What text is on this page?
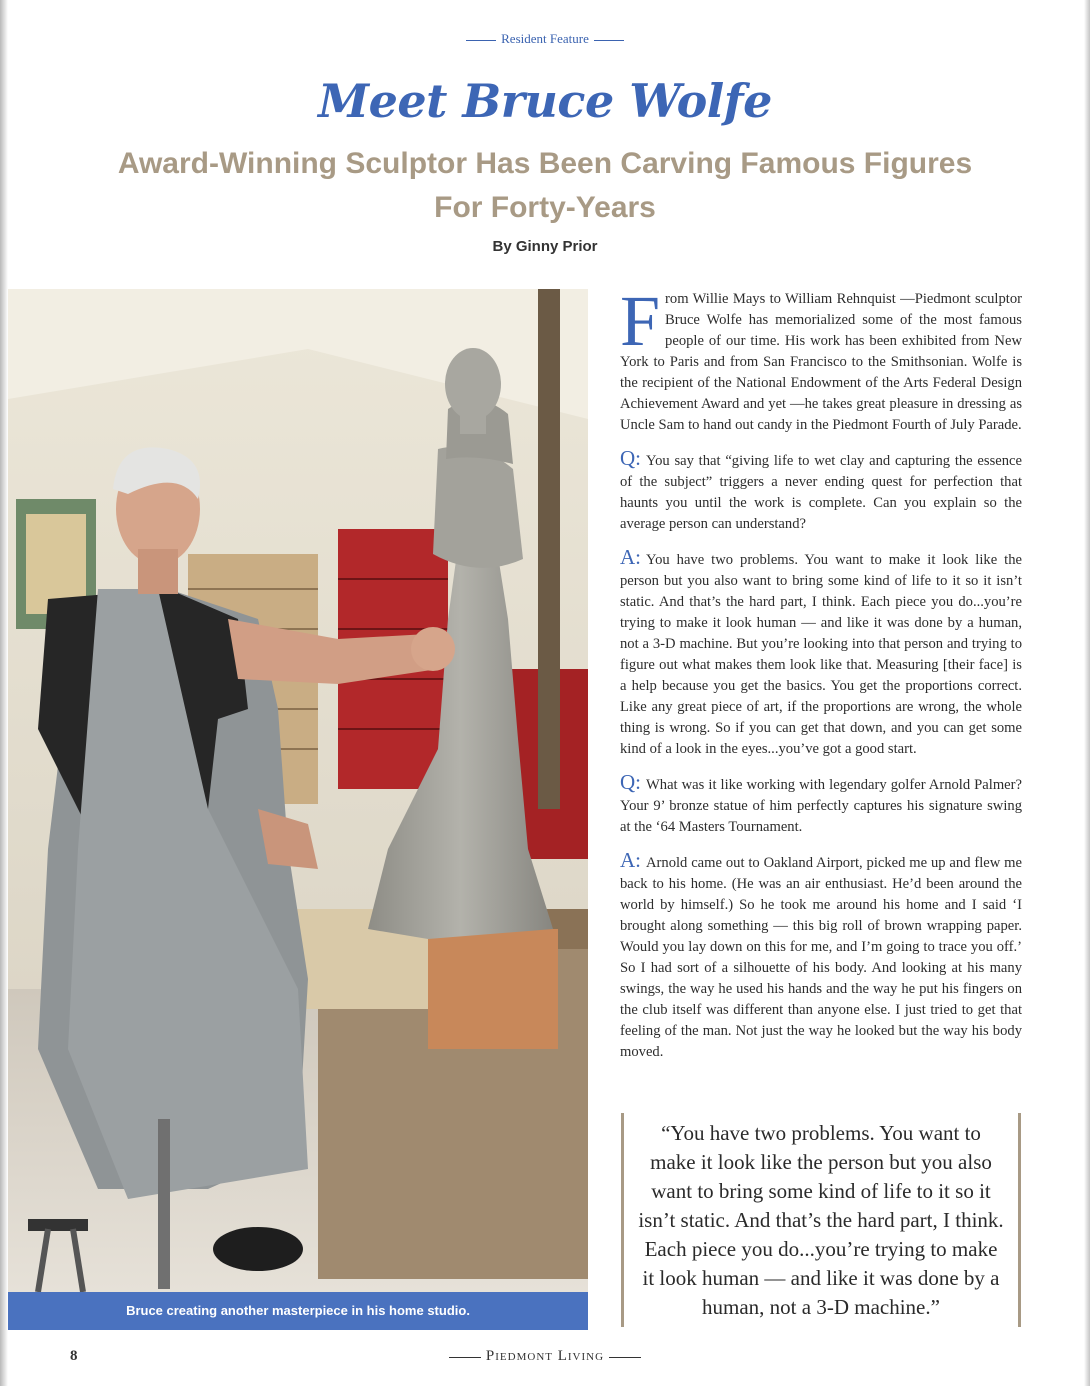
Resident Feature
Meet Bruce Wolfe
Award-Winning Sculptor Has Been Carving Famous Figures For Forty-Years
By Ginny Prior
Bruce creating another masterpiece in his home studio.

From Willie Mays to William Rehnquist —Piedmont sculptor Bruce Wolfe has memorialized some of the most famous people of our time. His work has been exhibited from New York to Paris and from San Francisco to the Smithsonian. Wolfe is the recipient of the National Endowment of the Arts Federal Design Achievement Award and yet —he takes great pleasure in dressing as Uncle Sam to hand out candy in the Piedmont Fourth of July Parade.

Q: You say that “giving life to wet clay and capturing the essence of the subject” triggers a never ending quest for perfection that haunts you until the work is complete. Can you explain so the average person can understand?

A: You have two problems. You want to make it look like the person but you also want to bring some kind of life to it so it isn’t static. And that’s the hard part, I think. Each piece you do...you’re trying to make it look human — and like it was done by a human, not a 3-D machine. But you’re looking into that person and trying to figure out what makes them look like that. Measuring [their face] is a help because you get the basics. You get the proportions correct. Like any great piece of art, if the proportions are wrong, the whole thing is wrong. So if you can get that down, and you can get some kind of a look in the eyes...you’ve got a good start.

Q: What was it like working with legendary golfer Arnold Palmer? Your 9’ bronze statue of him perfectly captures his signature swing at the ‘64 Masters Tournament.

A: Arnold came out to Oakland Airport, picked me up and flew me back to his home. (He was an air enthusiast. He’d been around the world by himself.) So he took me around his home and I said ‘I brought along something — this big roll of brown wrapping paper. Would you lay down on this for me, and I’m going to trace you off.’ So I had sort of a silhouette of his body. And looking at his many swings, the way he used his hands and the way he put his fingers on the club itself was different than anyone else. I just tried to get that feeling of the man. Not just the way he looked but the way his body moved.

“You have two problems. You want to make it look like the person but you also want to bring some kind of life to it so it isn’t static. And that’s the hard part, I think. Each piece you do...you’re trying to make it look human — and like it was done by a human, not a 3-D machine.”
8	Piedmont Living
